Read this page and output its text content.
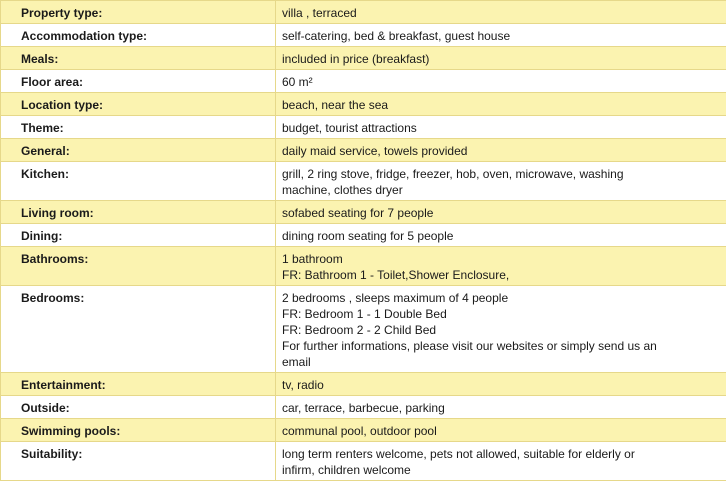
Property type:	villa , terraced

Accommodation type:	self-catering, bed & breakfast, guest house

Meals:	included in price (breakfast)

Floor area:	60 m²

Location type:	beach, near the sea

Theme:	budget, tourist attractions

General:	daily maid service, towels provided

Kitchen:	grill, 2 ring stove, fridge, freezer, hob, oven, microwave, washing
machine, clothes dryer

Living room:	sofabed seating for 7 people

Dining:	dining room seating for 5 people

Bathrooms:	1 bathroom
FR: Bathroom 1 - Toilet,Shower Enclosure,

Bedrooms:	2 bedrooms , sleeps maximum of 4 people
FR: Bedroom 1 - 1 Double Bed
FR: Bedroom 2 - 2 Child Bed
For further informations, please visit our websites or simply send us an
email

Entertainment:	tv, radio

Outside:	car, terrace, barbecue, parking

Swimming pools:	communal pool, outdoor pool

Suitability:	long term renters welcome, pets not allowed, suitable for elderly or
infirm, children welcome
